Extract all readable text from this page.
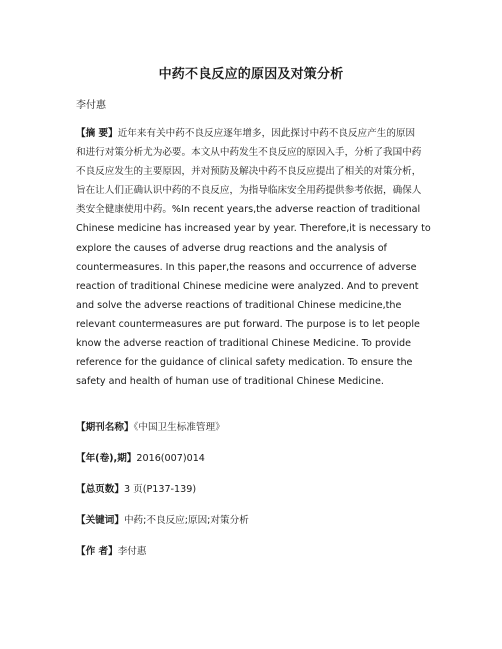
中药不良反应的原因及对策分析
李付惠
【摘 要】近年来有关中药不良反应逐年增多，因此探讨中药不良反应产生的原因
和进行对策分析尤为必要。本文从中药发生不良反应的原因入手，分析了我国中药
不良反应发生的主要原因，并对预防及解决中药不良反应提出了相关的对策分析，
旨在让人们正确认识中药的不良反应，为指导临床安全用药提供参考依据，确保人
类安全健康使用中药。%In recent years,the adverse reaction of traditional
Chinese medicine has increased year by year. Therefore,it is necessary to
explore the causes of adverse drug reactions and the analysis of
countermeasures. In this paper,the reasons and occurrence of adverse
reaction of traditional Chinese medicine were analyzed. And to prevent
and solve the adverse reactions of traditional Chinese medicine,the
relevant countermeasures are put forward. The purpose is to let people
know the adverse reaction of traditional Chinese Medicine. To provide
reference for the guidance of clinical safety medication. To ensure the
safety and health of human use of traditional Chinese Medicine.
【期刊名称】《中国卫生标准管理》
【年(卷),期】2016(007)014
【总页数】3 页(P137-139)
【关键词】中药;不良反应;原因;对策分析
【作 者】李付惠
